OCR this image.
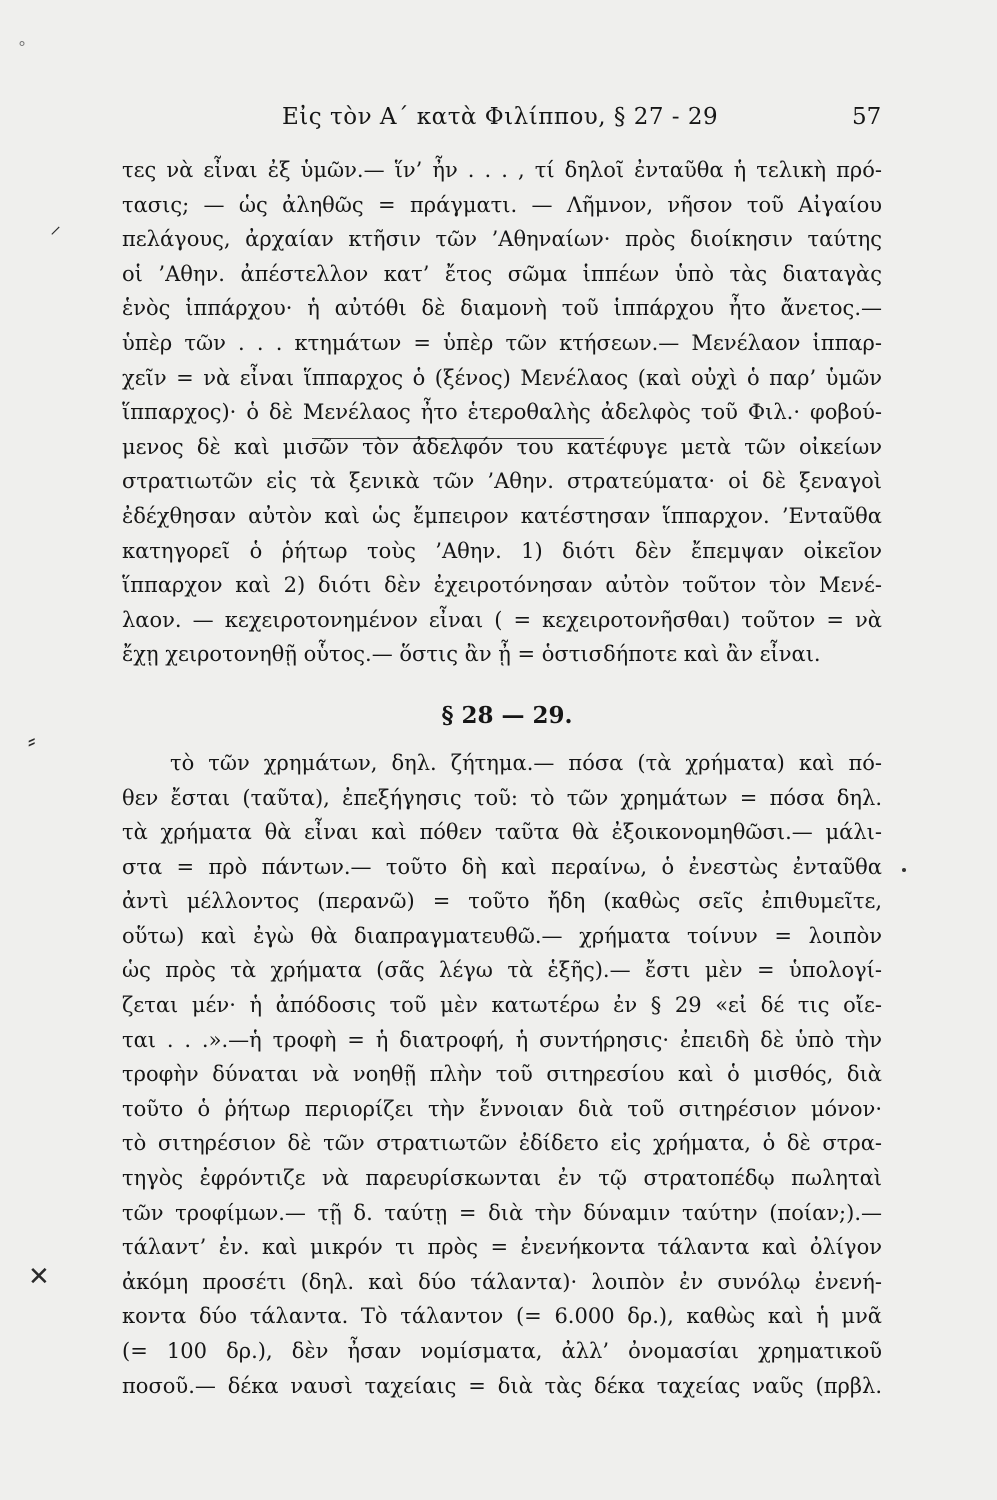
°
⸝
⸗
✕
Εἰς τὸν Α΄ κατὰ Φιλίππου, § 27 - 29	57
τες νὰ εἶναι ἐξ ὑμῶν.— ἵν’ ἦν . . . , τί δηλοῖ ἐνταῦθα ἡ τελικὴ πρό-
τασις; — ὡς ἀληθῶς = πράγματι. — Λῆμνον, νῆσον τοῦ Αἰγαίου
πελάγους, ἀρχαίαν κτῆσιν τῶν ’Αθηναίων· πρὸς διοίκησιν ταύτης
οἱ ’Αθην. ἀπέστελλον κατ’ ἔτος σῶμα ἱππέων ὑπὸ τὰς διαταγὰς
ἑνὸς ἱππάρχου· ἡ αὐτόθι δὲ διαμονὴ τοῦ ἱππάρχου ἦτο ἄνετος.—
ὑπὲρ τῶν . . . κτημάτων = ὑπὲρ τῶν κτήσεων.— Μενέλαον ἱππαρ-
χεῖν = νὰ εἶναι ἵππαρχος ὁ (ξένος) Μενέλαος (καὶ οὐχὶ ὁ παρ’ ὑμῶν
ἵππαρχος)· ὁ δὲ Μενέλαος ἦτο ἑτεροθαλὴς ἀδελφὸς τοῦ Φιλ.· φοβού-
μενος δὲ καὶ μισῶν τὸν ἀδελφόν του κατέφυγε μετὰ τῶν οἰκείων
στρατιωτῶν εἰς τὰ ξενικὰ τῶν ’Αθην. στρατεύματα· οἱ δὲ ξεναγοὶ
ἐδέχθησαν αὐτὸν καὶ ὡς ἔμπειρον κατέστησαν ἵππαρχον. ’Ενταῦθα
κατηγορεῖ ὁ ῥήτωρ τοὺς ’Αθην. 1) διότι δὲν ἔπεμψαν οἰκεῖον
ἵππαρχον καὶ 2) διότι δὲν ἐχειροτόνησαν αὐτὸν τοῦτον τὸν Μενέ-
λαον. — κεχειροτονημένον εἶναι ( = κεχειροτονῆσθαι) τοῦτον = νὰ
ἔχῃ χειροτονηθῇ οὗτος.— ὅστις ἂν ᾖ = ὁστισδήποτε καὶ ἂν εἶναι.
§ 28 — 29.
τὸ τῶν χρημάτων, δηλ. ζήτημα.— πόσα (τὰ χρήματα) καὶ πό-
θεν ἔσται (ταῦτα), ἐπεξήγησις τοῦ: τὸ τῶν χρημάτων = πόσα δηλ.
τὰ χρήματα θὰ εἶναι καὶ πόθεν ταῦτα θὰ ἐξοικονομηθῶσι.— μάλι-
στα = πρὸ πάντων.— τοῦτο δὴ καὶ περαίνω, ὁ ἐνεστὼς ἐνταῦθα
ἀντὶ μέλλοντος (περανῶ) = τοῦτο ἤδη (καθὼς σεῖς ἐπιθυμεῖτε,
οὕτω) καὶ ἐγὼ θὰ διαπραγματευθῶ.— χρήματα τοίνυν = λοιπὸν
ὡς πρὸς τὰ χρήματα (σᾶς λέγω τὰ ἑξῆς).— ἔστι μὲν = ὑπολογί-
ζεται μέν· ἡ ἀπόδοσις τοῦ μὲν κατωτέρω ἐν § 29 «εἰ δέ τις οἴε-
ται . . .».—ἡ τροφὴ = ἡ διατροφή, ἡ συντήρησις· ἐπειδὴ δὲ ὑπὸ τὴν
τροφὴν δύναται νὰ νοηθῇ πλὴν τοῦ σιτηρεσίου καὶ ὁ μισθός, διὰ
τοῦτο ὁ ῥήτωρ περιορίζει τὴν ἔννοιαν διὰ τοῦ σιτηρέσιον μόνον·
τὸ σιτηρέσιον δὲ τῶν στρατιωτῶν ἐδίδετο εἰς χρήματα, ὁ δὲ στρα-
τηγὸς ἐφρόντιζε νὰ παρευρίσκωνται ἐν τῷ στρατοπέδῳ πωληταὶ
τῶν τροφίμων.— τῇ δ. ταύτῃ = διὰ τὴν δύναμιν ταύτην (ποίαν;).—
τάλαντ’ ἐν. καὶ μικρόν τι πρὸς = ἐνενήκοντα τάλαντα καὶ ὀλίγον
ἀκόμη προσέτι (δηλ. καὶ δύο τάλαντα)· λοιπὸν ἐν συνόλῳ ἐνενή-
κοντα δύο τάλαντα. Τὸ τάλαντον (= 6.000 δρ.), καθὼς καὶ ἡ μνᾶ
(= 100 δρ.), δὲν ἦσαν νομίσματα, ἀλλ’ ὀνομασίαι χρηματικοῦ
ποσοῦ.— δέκα ναυσὶ ταχείαις = διὰ τὰς δέκα ταχείας ναῦς (πρβλ.
